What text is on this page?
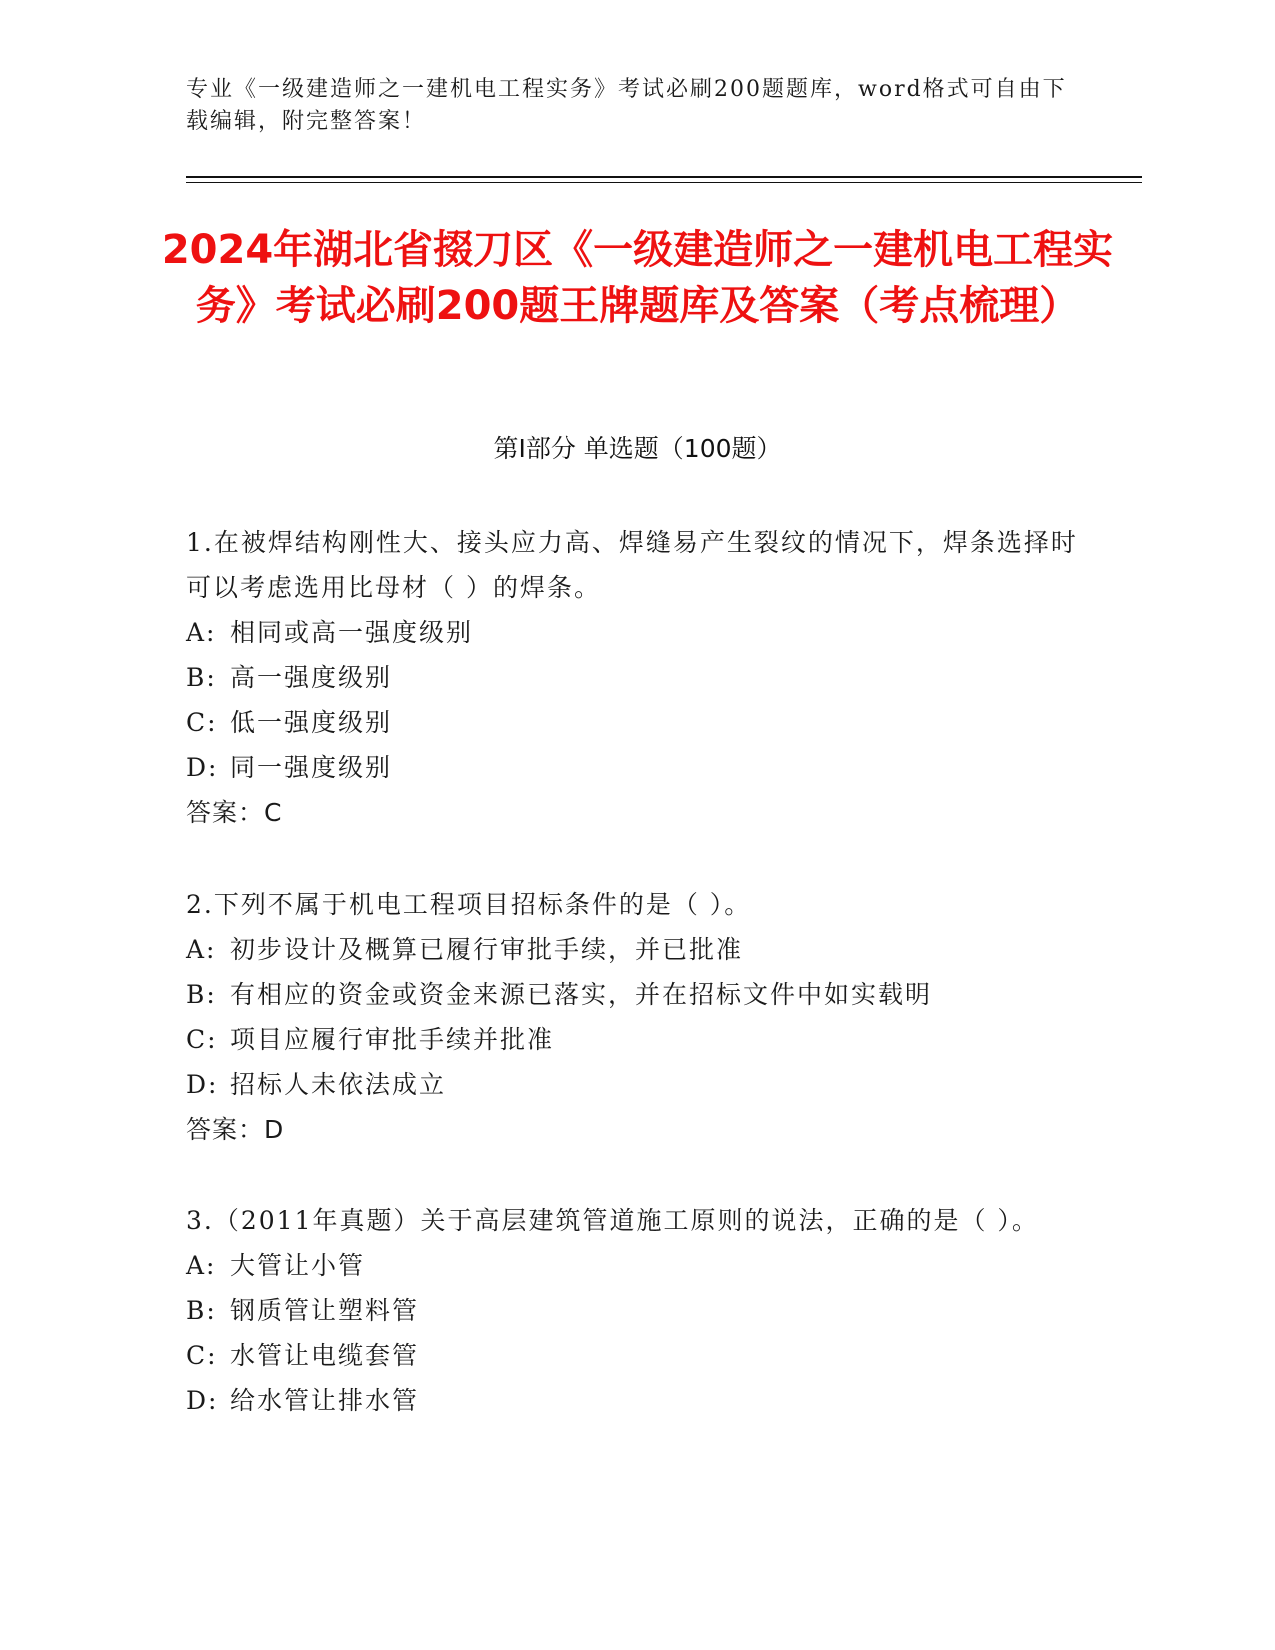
专业《一级建造师之一建机电工程实务》考试必刷200题题库，word格式可自由下载编辑，附完整答案！
2024年湖北省掇刀区《一级建造师之一建机电工程实务》考试必刷200题王牌题库及答案（考点梳理）
第I部分 单选题（100题）
1.在被焊结构刚性大、接头应力高、焊缝易产生裂纹的情况下，焊条选择时可以考虑选用比母材（ ）的焊条。
A: 相同或高一强度级别
B: 高一强度级别
C: 低一强度级别
D: 同一强度级别
答案：C
2.下列不属于机电工程项目招标条件的是（ ）。
A: 初步设计及概算已履行审批手续，并已批准
B: 有相应的资金或资金来源已落实，并在招标文件中如实载明
C: 项目应履行审批手续并批准
D: 招标人未依法成立
答案：D
3.（2011年真题）关于高层建筑管道施工原则的说法，正确的是（ ）。
A: 大管让小管
B: 钢质管让塑料管
C: 水管让电缆套管
D: 给水管让排水管
